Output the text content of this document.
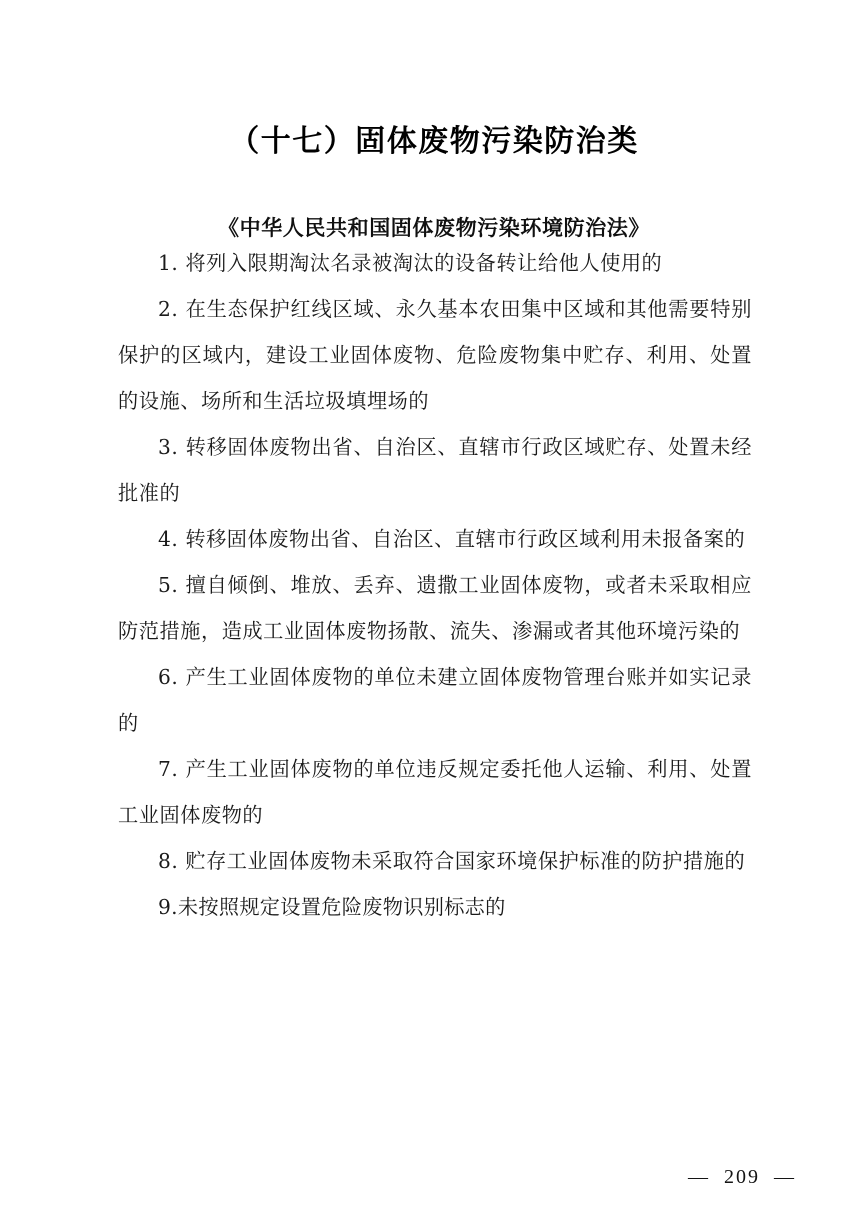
（十七）固体废物污染防治类
《中华人民共和国固体废物污染环境防治法》

1. 将列入限期淘汰名录被淘汰的设备转让给他人使用的

2. 在生态保护红线区域、永久基本农田集中区域和其他需要特别保护的区域内，建设工业固体废物、危险废物集中贮存、利用、处置的设施、场所和生活垃圾填埋场的

3. 转移固体废物出省、自治区、直辖市行政区域贮存、处置未经批准的

4. 转移固体废物出省、自治区、直辖市行政区域利用未报备案的

5. 擅自倾倒、堆放、丢弃、遗撒工业固体废物，或者未采取相应防范措施，造成工业固体废物扬散、流失、渗漏或者其他环境污染的

6. 产生工业固体废物的单位未建立固体废物管理台账并如实记录的

7. 产生工业固体废物的单位违反规定委托他人运输、利用、处置工业固体废物的

8. 贮存工业固体废物未采取符合国家环境保护标准的防护措施的

9.未按照规定设置危险废物识别标志的

—  209  —
